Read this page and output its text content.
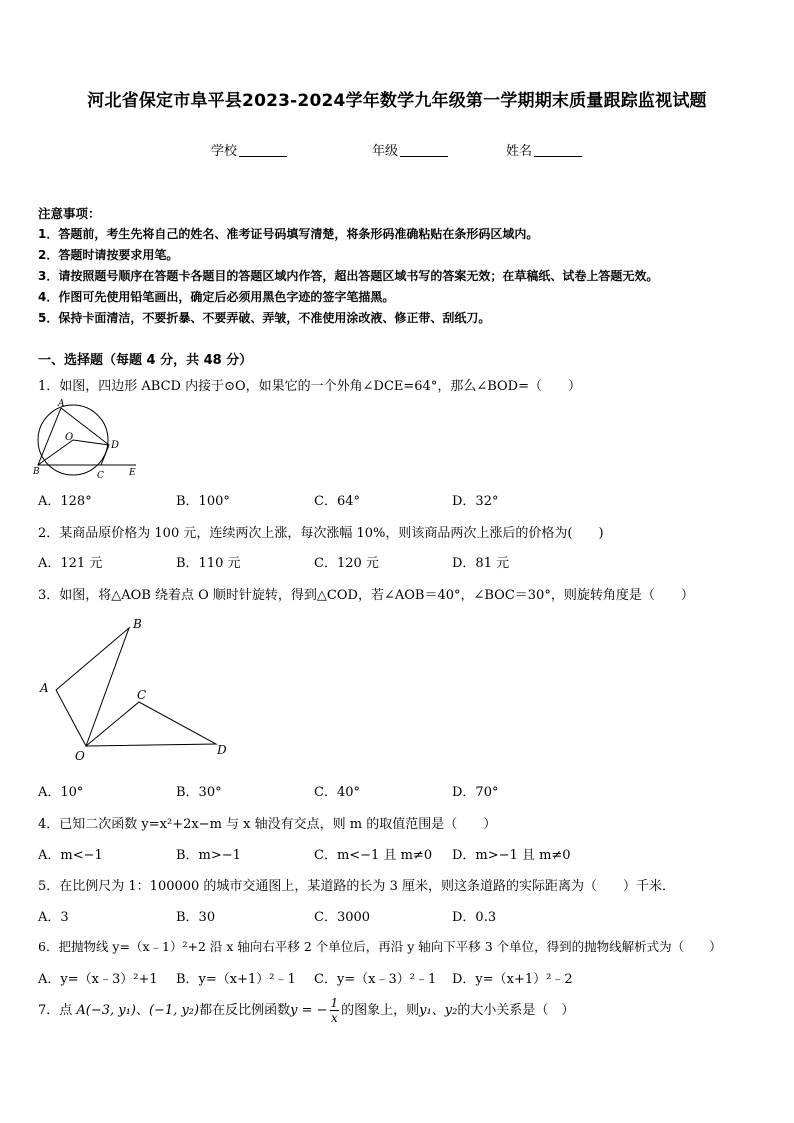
河北省保定市阜平县2023-2024学年数学九年级第一学期期末质量跟踪监视试题
学校	年级	姓名
注意事项：
1．答题前，考生先将自己的姓名、准考证号码填写清楚，将条形码准确粘贴在条形码区域内。
2．答题时请按要求用笔。
3．请按照题号顺序在答题卡各题目的答题区域内作答，超出答题区域书写的答案无效；在草稿纸、试卷上答题无效。
4．作图可先使用铅笔画出，确定后必须用黑色字迹的签字笔描黑。
5．保持卡面清洁，不要折暴、不要弄破、弄皱，不准使用涂改液、修正带、刮纸刀。
一、选择题（每题 4 分，共 48 分）
1．如图，四边形 ABCD 内接于⊙O，如果它的一个外角∠DCE=64°，那么∠BOD=（　　）
A
O
D
B	C	E
A．128°	B．100°	C．64°	D．32°
2．某商品原价格为 100 元，连续两次上涨，每次涨幅 10%，则该商品两次上涨后的价格为(　　)
A．121 元	B．110 元	C．120 元	D．81 元
3．如图，将△AOB 绕着点 O 顺时针旋转，得到△COD，若∠AOB＝40°，∠BOC＝30°，则旋转角度是（　　）
A
B
C
O	D
A．10°	B．30°	C．40°	D．70°
4．已知二次函数 y=x²+2x−m 与 x 轴没有交点，则 m 的取值范围是（　　）
A．m<−1	B．m>−1	C．m<−1 且 m≠0 D．m>−1 且 m≠0
5．在比例尺为 1：100000 的城市交通图上，某道路的长为 3 厘米，则这条道路的实际距离为（　　）千米．
A．3	B．30	C．3000	D．0.3
6．把抛物线 y=（x﹣1）²+2 沿 x 轴向右平移 2 个单位后，再沿 y 轴向下平移 3 个单位，得到的抛物线解析式为（　　）
A．y=（x﹣3）²+1 B．y=（x+1）²﹣1 C．y=（x﹣3）²﹣1 D．y=（x+1）²﹣2
7．点 A(−3, y₁)、(−1, y₂)都在反比例函数y = − $\frac{1}{x}$ 的图象上，则y₁、y₂的大小关系是（　）
